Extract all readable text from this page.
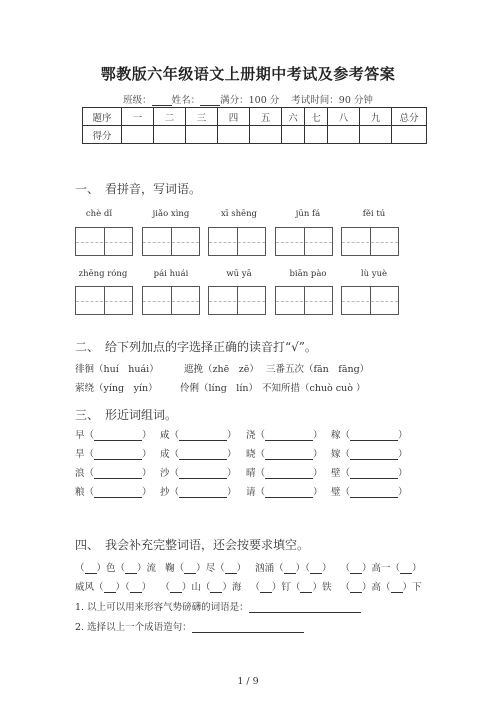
鄂教版六年级语文上册期中考试及参考答案
班级： 姓名： 满分：100 分 考试时间：90 分钟
题序	一	二	三	四	五	六	七	八	九	总分
得分										
一、　看拼音，写词语。
chè dǐ	jiǎo xìng	xī shēng	jūn fá	fěi tú
zhēng róng	pái huái	wū yā	biān pào	lù yuè
二、　给下列加点的字选择正确的读音打“√”。
徘徊（huí　huái）	遮挽（zhē　zē） 三番五次（fān　fāng）
萦绕（yíng　yín） 伶俐（líng　lín） 不知所措（chuò cuò ）
三、　形近词组词。
早（	） 咸（	） 浇（	） 稼（	）
旱（	） 成（	） 晓（	） 嫁（	）
浪（	） 沙（	） 晴（	） 壁（	）
粮（	） 抄（	） 请（	） 璧（	）
四、　我会补充完整词语，还会按要求填空。
（ ）色（ ）流 鞠（ ）尽（ ） 汹涌（ ）（ ） （ ）高一（ ）
威风（ ）（ ） （ ）山（ ）海 （ ）钉（ ）铁 （ ）高（ ）下
1. 以上可以用来形容气势磅礴的词语是：
2. 选择以上一个成语造句：
1 / 9
